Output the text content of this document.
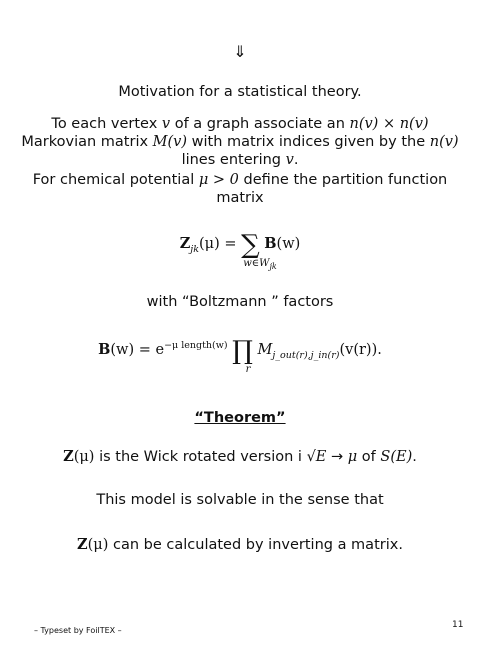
⇓
Motivation for a statistical theory.
To each vertex v of a graph associate an n(v) × n(v)
Markovian matrix M(v) with matrix indices given by the n(v)
lines entering v.
For chemical potential μ > 0 define the partition function
matrix
$Z_{jk}(\mu)$ = ∑ B(w)
$w\in W_{jk}$
with “Boltzmann ” factors
$B(w) = e^{-\mu length(w)}$ ∏ $M_{j\_out(r),j\_in(r)}(v(r))$.
r
“Theorem”
Z(μ) is the Wick rotated version i √E → μ of S(E).
This model is solvable in the sense that
Z(μ) can be calculated by inverting a matrix.
– Typeset by FoilTEX –
11
